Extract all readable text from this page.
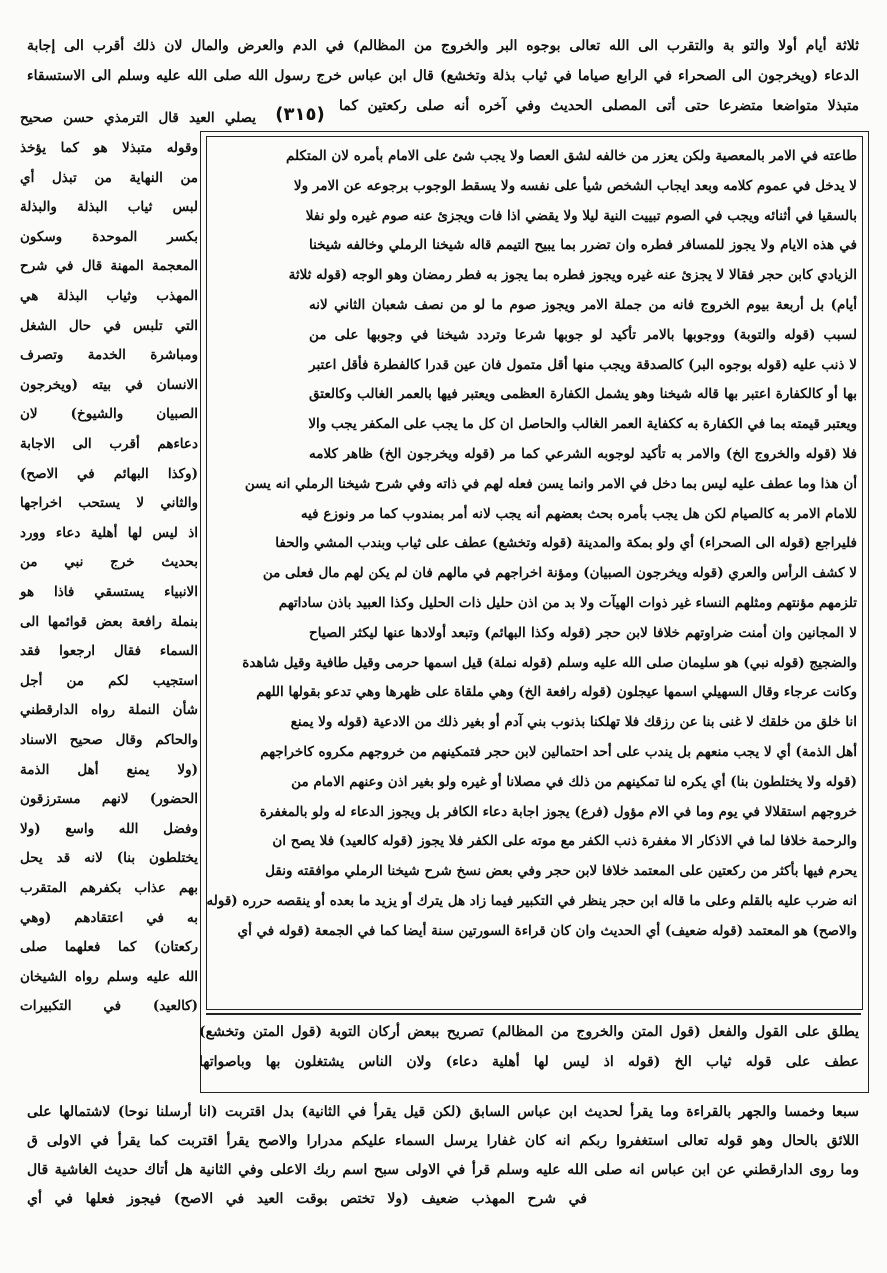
ثلاثة أيام أولا والتو بة والتقرب الى الله تعالى بوجوه البر والخروج من المظالم) في الدم والعرض والمال لان ذلك أقرب الى إجابة
الدعاء (ويخرجون الى الصحراء في الرابع صياما في ثياب بذلة وتخشع) قال ابن عباس خرج رسول الله صلى الله عليه وسلم الى الاستسقاء
متبذلا متواضعا متضرعا حتى أتى المصلى الحديث وفي آخره أنه صلى ركعتين كما
(٣١٥)
يصلي العيد قال الترمذي حسن صحيح
طاعته في الامر بالمعصية ولكن يعزر من خالفه لشق العصا ولا يجب شئ على الامام بأمره لان المتكلم
لا يدخل في عموم كلامه وبعد ايجاب الشخص شيأ على نفسه ولا يسقط الوجوب برجوعه عن الامر ولا
بالسقيا في أثنائه ويجب في الصوم تبييت النية ليلا ولا يقضي اذا فات ويجزئ عنه صوم غيره ولو نفلا
في هذه الايام ولا يجوز للمسافر فطره وان تضرر بما يبيح التيمم قاله شيخنا الرملي وخالفه شيخنا
الزيادي كابن حجر فقالا لا يجزئ عنه غيره ويجوز فطره بما يجوز به فطر رمضان وهو الوجه (قوله ثلاثة
أيام) بل أربعة بيوم الخروج فانه من جملة الامر ويجوز صوم ما لو من نصف شعبان الثاني لانه
لسبب (قوله والتوبة) ووجوبها بالامر تأكيد لو جوبها شرعا وتردد شيخنا في وجوبها على من
لا ذنب عليه (قوله بوجوه البر) كالصدقة ويجب منها أقل متمول فان عين قدرا كالفطرة فأقل اعتبر
بها أو كالكفارة اعتبر بها قاله شيخنا وهو يشمل الكفارة العظمى ويعتبر فيها بالعمر الغالب وكالعتق
ويعتبر قيمته بما في الكفارة به ككفاية العمر الغالب والحاصل ان كل ما يجب على المكفر يجب والا
فلا (قوله والخروج الخ) والامر به تأكيد لوجوبه الشرعي كما مر (قوله ويخرجون الخ) ظاهر كلامه
أن هذا وما عطف عليه ليس بما دخل في الامر وانما يسن فعله لهم في ذاته وفي شرح شيخنا الرملي انه يسن
للامام الامر به كالصيام لكن هل يجب بأمره بحث بعضهم أنه يجب لانه أمر بمندوب كما مر ونوزع فيه
فليراجع (قوله الى الصحراء) أي ولو بمكة والمدينة (قوله وتخشع) عطف على ثياب وبندب المشي والحفا
لا كشف الرأس والعري (قوله ويخرجون الصبيان) ومؤنة اخراجهم في مالهم فان لم يكن لهم مال فعلى من
تلزمهم مؤنتهم ومثلهم النساء غير ذوات الهيآت ولا بد من اذن حليل ذات الحليل وكذا العبيد باذن ساداتهم
لا المجانين وان أمنت ضراوتهم خلافا لابن حجر (قوله وكذا البهائم) وتبعد أولادها عنها ليكثر الصياح
والضجيج (قوله نبي) هو سليمان صلى الله عليه وسلم (قوله نملة) قيل اسمها حرمى وقيل طافية وقيل شاهدة
وكانت عرجاء وقال السهيلي اسمها عيجلون (قوله رافعة الخ) وهي ملقاة على ظهرها وهي تدعو بقولها اللهم
انا خلق من خلقك لا غنى بنا عن رزقك فلا تهلكنا بذنوب بني آدم أو بغير ذلك من الادعية (قوله ولا يمنع
أهل الذمة) أي لا يجب منعهم بل يندب على أحد احتمالين لابن حجر فتمكينهم من خروجهم مكروه كاخراجهم
(قوله ولا يختلطون بنا) أي يكره لنا تمكينهم من ذلك في مصلانا أو غيره ولو بغير اذن وعنهم الامام من
خروجهم استقلالا في يوم وما في الام مؤول (فرع) يجوز اجابة دعاء الكافر بل ويجوز الدعاء له ولو بالمغفرة
والرحمة خلافا لما في الاذكار الا مغفرة ذنب الكفر مع موته على الكفر فلا يجوز (قوله كالعيد) فلا يصح ان
يحرم فيها بأكثر من ركعتين على المعتمد خلافا لابن حجر وفي بعض نسخ شرح شيخنا الرملي موافقته ونقل
انه ضرب عليه بالقلم وعلى ما قاله ابن حجر ينظر في التكبير فيما زاد هل يترك أو يزيد ما بعده أو ينقصه حرره (قوله
والاصح) هو المعتمد (قوله ضعيف) أي الحديث وان كان قراءة السورتين سنة أيضا كما في الجمعة (قوله في أي
وقوله متبذلا هو كما يؤخذ
من النهاية من تبذل أي
لبس ثياب البذلة والبذلة
بكسر الموحدة وسكون
المعجمة المهنة قال في شرح
المهذب وثياب البذلة هي
التي تلبس في حال الشغل
ومباشرة الخدمة وتصرف
الانسان في بيته (ويخرجون
الصبيان والشيوخ) لان
دعاءهم أقرب الى الاجابة
(وكذا البهائم في الاصح)
والثاني لا يستحب اخراجها
اذ ليس لها أهلية دعاء وورد
بحديث خرج نبي من
الانبياء يستسقي فاذا هو
بنملة رافعة بعض قوائمها الى
السماء فقال ارجعوا فقد
استجيب لكم من أجل
شأن النملة رواه الدارقطني
والحاكم وقال صحيح الاسناد
(ولا يمنع أهل الذمة
الحضور) لانهم مسترزقون
وفضل الله واسع (ولا
يختلطون بنا) لانه قد يحل
بهم عذاب بكفرهم المتقرب
به في اعتقادهم (وهي
ركعتان) كما فعلهما صلى
الله عليه وسلم رواه الشيخان
(كالعيد) في التكبيرات
يطلق على القول والفعل (قول المتن والخروج من المظالم) تصريح ببعض أركان التوبة (قول المتن وتخشع)
عطف على قوله ثياب الخ (قوله اذ ليس لها أهلية دعاء) ولان الناس يشتغلون بها وباصواتها
سبعا وخمسا والجهر بالقراءة وما يقرأ لحديث ابن عباس السابق (لكن قيل يقرأ في الثانية) بدل اقتربت (انا أرسلنا نوحا) لاشتمالها على
اللائق بالحال وهو قوله تعالى استغفروا ربكم انه كان غفارا يرسل السماء عليكم مدرارا والاصح يقرأ اقتربت كما يقرأ في الاولى ق
وما روى الدارقطني عن ابن عباس انه صلى الله عليه وسلم قرأ في الاولى سبح اسم ربك الاعلى وفي الثانية هل أتاك حديث الغاشية قال
في شرح المهذب ضعيف (ولا تختص بوقت العيد في الاصح) فيجوز فعلها في أي
